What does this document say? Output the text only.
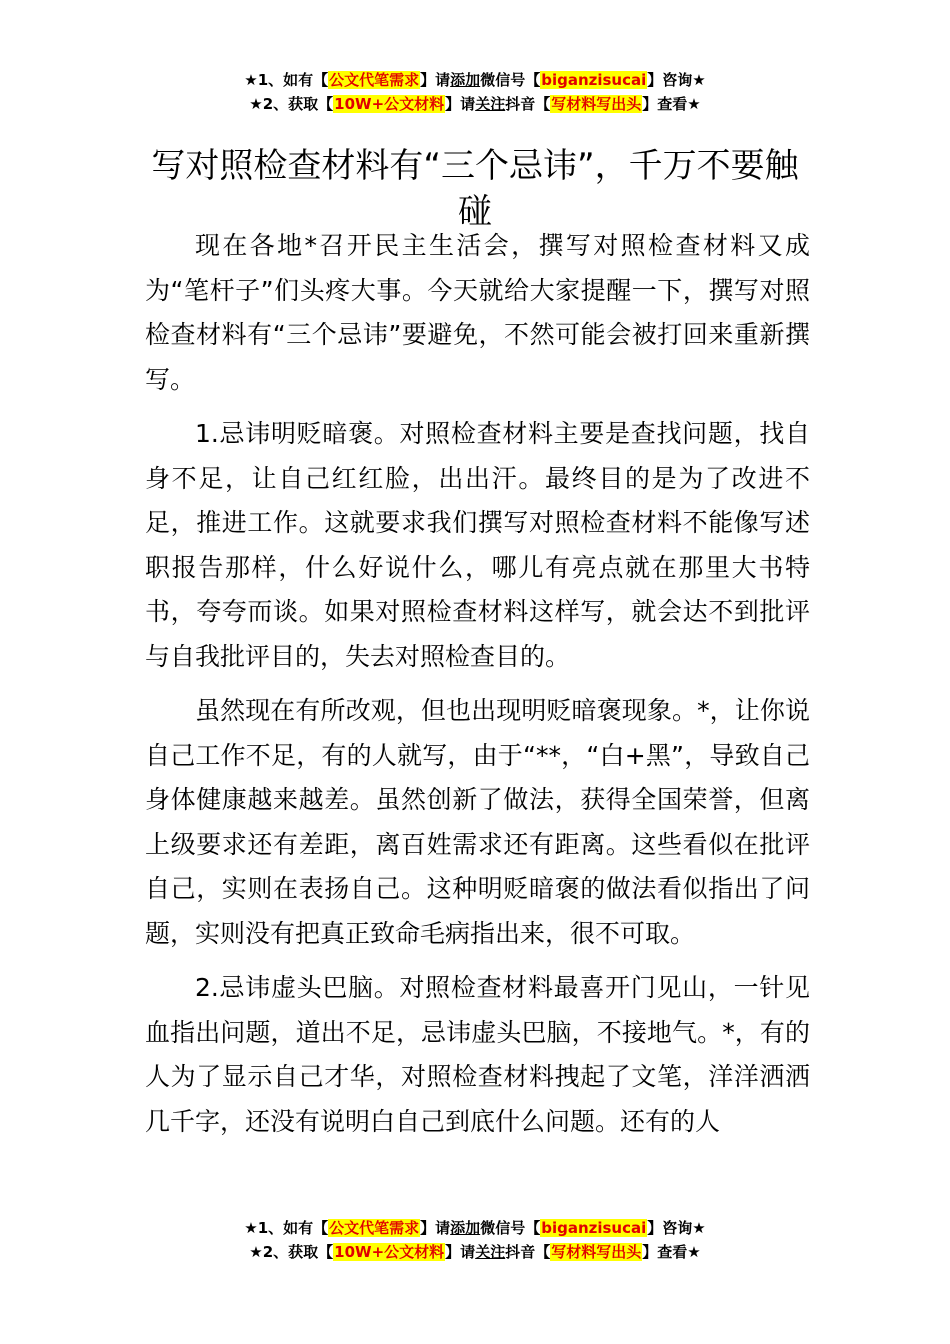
★1、如有【公文代笔需求】请添加微信号【biganzisucai】咨询★
★2、获取【10W+公文材料】请关注抖音【写材料写出头】查看★
写对照检查材料有“三个忌讳”，千万不要触碰

现在各地*召开民主生活会，撰写对照检查材料又成为“笔杆子”们头疼大事。今天就给大家提醒一下，撰写对照检查材料有“三个忌讳”要避免，不然可能会被打回来重新撰写。

1.忌讳明贬暗褒。对照检查材料主要是查找问题，找自身不足，让自己红红脸，出出汗。最终目的是为了改进不足，推进工作。这就要求我们撰写对照检查材料不能像写述职报告那样，什么好说什么，哪儿有亮点就在那里大书特书，夸夸而谈。如果对照检查材料这样写，就会达不到批评与自我批评目的，失去对照检查目的。

虽然现在有所改观，但也出现明贬暗褒现象。*，让你说自己工作不足，有的人就写，由于“**，“白+黑”，导致自己身体健康越来越差。虽然创新了做法，获得全国荣誉，但离上级要求还有差距，离百姓需求还有距离。这些看似在批评自己，实则在表扬自己。这种明贬暗褒的做法看似指出了问题，实则没有把真正致命毛病指出来，很不可取。

2.忌讳虚头巴脑。对照检查材料最喜开门见山，一针见血指出问题，道出不足，忌讳虚头巴脑，不接地气。*，有的人为了显示自己才华，对照检查材料拽起了文笔，洋洋洒洒几千字，还没有说明白自己到底什么问题。还有的人

★1、如有【公文代笔需求】请添加微信号【biganzisucai】咨询★
★2、获取【10W+公文材料】请关注抖音【写材料写出头】查看★
